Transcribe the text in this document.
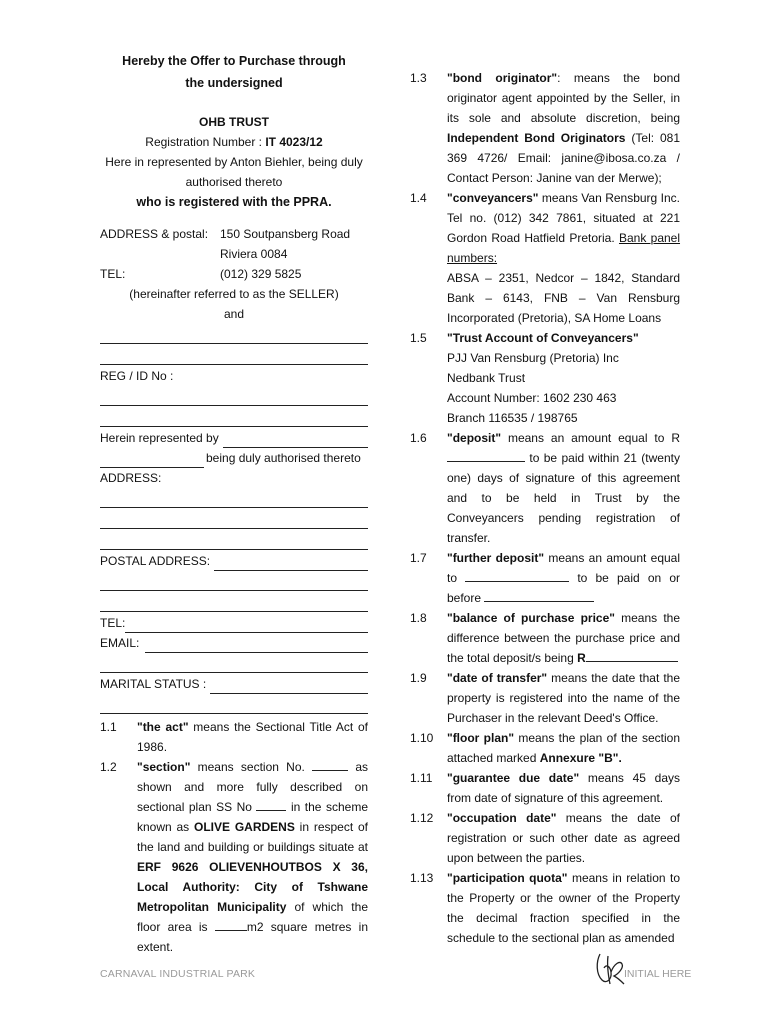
Hereby the Offer to Purchase through
the undersigned
OHB TRUST
Registration Number : IT 4023/12
Here in represented by Anton Biehler, being duly
authorised thereto
who is registered with the PPRA.
ADDRESS & postal: 150 Soutpansberg Road
Riviera 0084
TEL:	(012) 329 5825
(hereinafter referred to as the SELLER)
and
REG / ID No :
Herein represented by
being duly authorised thereto
ADDRESS:
POSTAL ADDRESS:
TEL:
EMAIL:
MARITAL STATUS :
1.1	"the act" means the Sectional Title Act of 1986.
1.2	"section" means section No.	as shown and more fully described on sectional plan SS No	in the scheme known as OLIVE GARDENS in respect of the land and building or buildings situate at ERF 9626 OLIEVENHOUTBOS X 36, Local Authority: City of Tshwane Metropolitan Municipality of which the floor area is	m2 square metres in extent.
1.3	"bond originator": means the bond originator agent appointed by the Seller, in its sole and absolute discretion, being Independent Bond Originators (Tel: 081 369 4726/ Email: janine@ibosa.co.za / Contact Person: Janine van der Merwe);
1.4	"conveyancers" means Van Rensburg Inc. Tel no. (012) 342 7861, situated at 221 Gordon Road Hatfield Pretoria. Bank panel numbers:
ABSA – 2351, Nedcor – 1842, Standard Bank – 6143, FNB – Van Rensburg Incorporated (Pretoria), SA Home Loans
1.5	"Trust Account of Conveyancers"
PJJ Van Rensburg (Pretoria) Inc
Nedbank Trust
Account Number: 1602 230 463
Branch 116535 / 198765
1.6	"deposit" means an amount equal to R to be paid within 21 (twenty one) days of signature of this agreement and to be held in Trust by the Conveyancers pending registration of transfer.
1.7	"further deposit" means an amount equal to	to be paid on or before
1.8	"balance of purchase price" means the difference between the purchase price and the total deposit/s being R
1.9	"date of transfer" means the date that the property is registered into the name of the Purchaser in the relevant Deed's Office.
1.10	"floor plan" means the plan of the section attached marked Annexure "B".
1.11	"guarantee due date" means 45 days from date of signature of this agreement.
1.12	"occupation date" means the date of registration or such other date as agreed upon between the parties.
1.13	"participation quota" means in relation to the Property or the owner of the Property the decimal fraction specified in the schedule to the sectional plan as amended
CARNAVAL INDUSTRIAL PARK	INITIAL HERE
